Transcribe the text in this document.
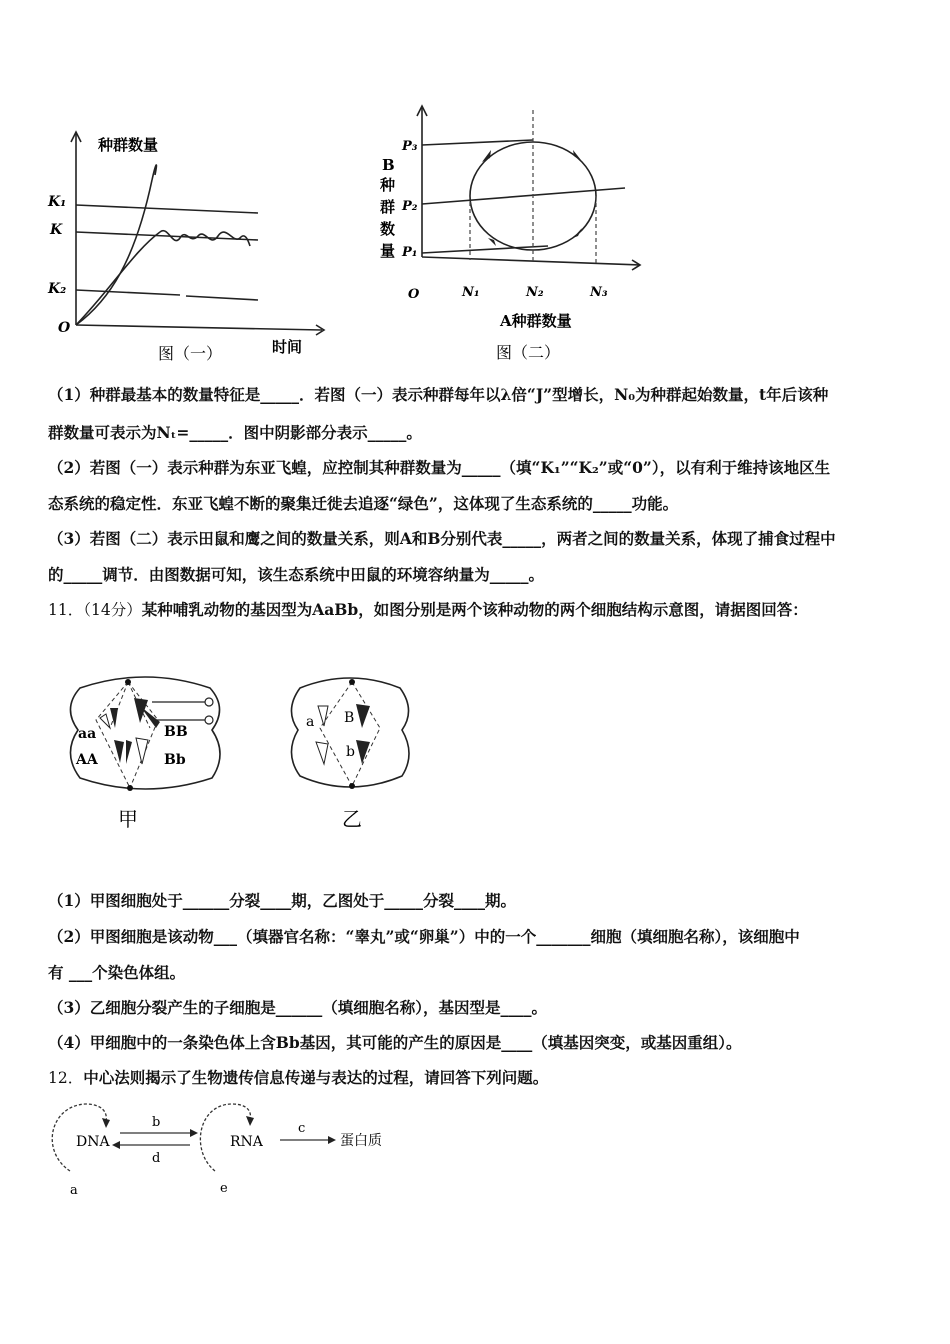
种群数量
K₁
K
K₂
O
图（一）	时间
P₃
P₂
P₁
B
种
群
数
量
O	N₁	N₂	N₃
A种群数量
图（二）
（1）种群最基本的数量特征是_____．若图（一）表示种群每年以λ倍“J”型增长，N₀为种群起始数量，t年后该种
群数量可表示为Nₜ=_____．图中阴影部分表示_____。
（2）若图（一）表示种群为东亚飞蝗，应控制其种群数量为_____（填“K₁”“K₂”或“0”），以有利于维持该地区生
态系统的稳定性．东亚飞蝗不断的聚集迁徙去追逐“绿色”，这体现了生态系统的_____功能。
（3）若图（二）表示田鼠和鹰之间的数量关系，则A和B分别代表_____，两者之间的数量关系，体现了捕食过程中
的_____调节．由图数据可知，该生态系统中田鼠的环境容纳量为_____。
11．（14分）某种哺乳动物的基因型为AaBb，如图分别是两个该种动物的两个细胞结构示意图，请据图回答：
aa
AA
BB
Bb
甲
a B
b
乙
（1）甲图细胞处于______分裂____期，乙图处于_____分裂____期。
（2）甲图细胞是该动物___（填器官名称：“睾丸”或“卵巢”）中的一个_______细胞（填细胞名称），该细胞中
有 ___个染色体组。
（3）乙细胞分裂产生的子细胞是______（填细胞名称），基因型是____。
（4）甲细胞中的一条染色体上含Bb基因，其可能的产生的原因是____（填基因突变，或基因重组）。
12．中心法则揭示了生物遗传信息传递与表达的过程，请回答下列问题。
DNA	RNA	蛋白质
b
d
c
a	e
